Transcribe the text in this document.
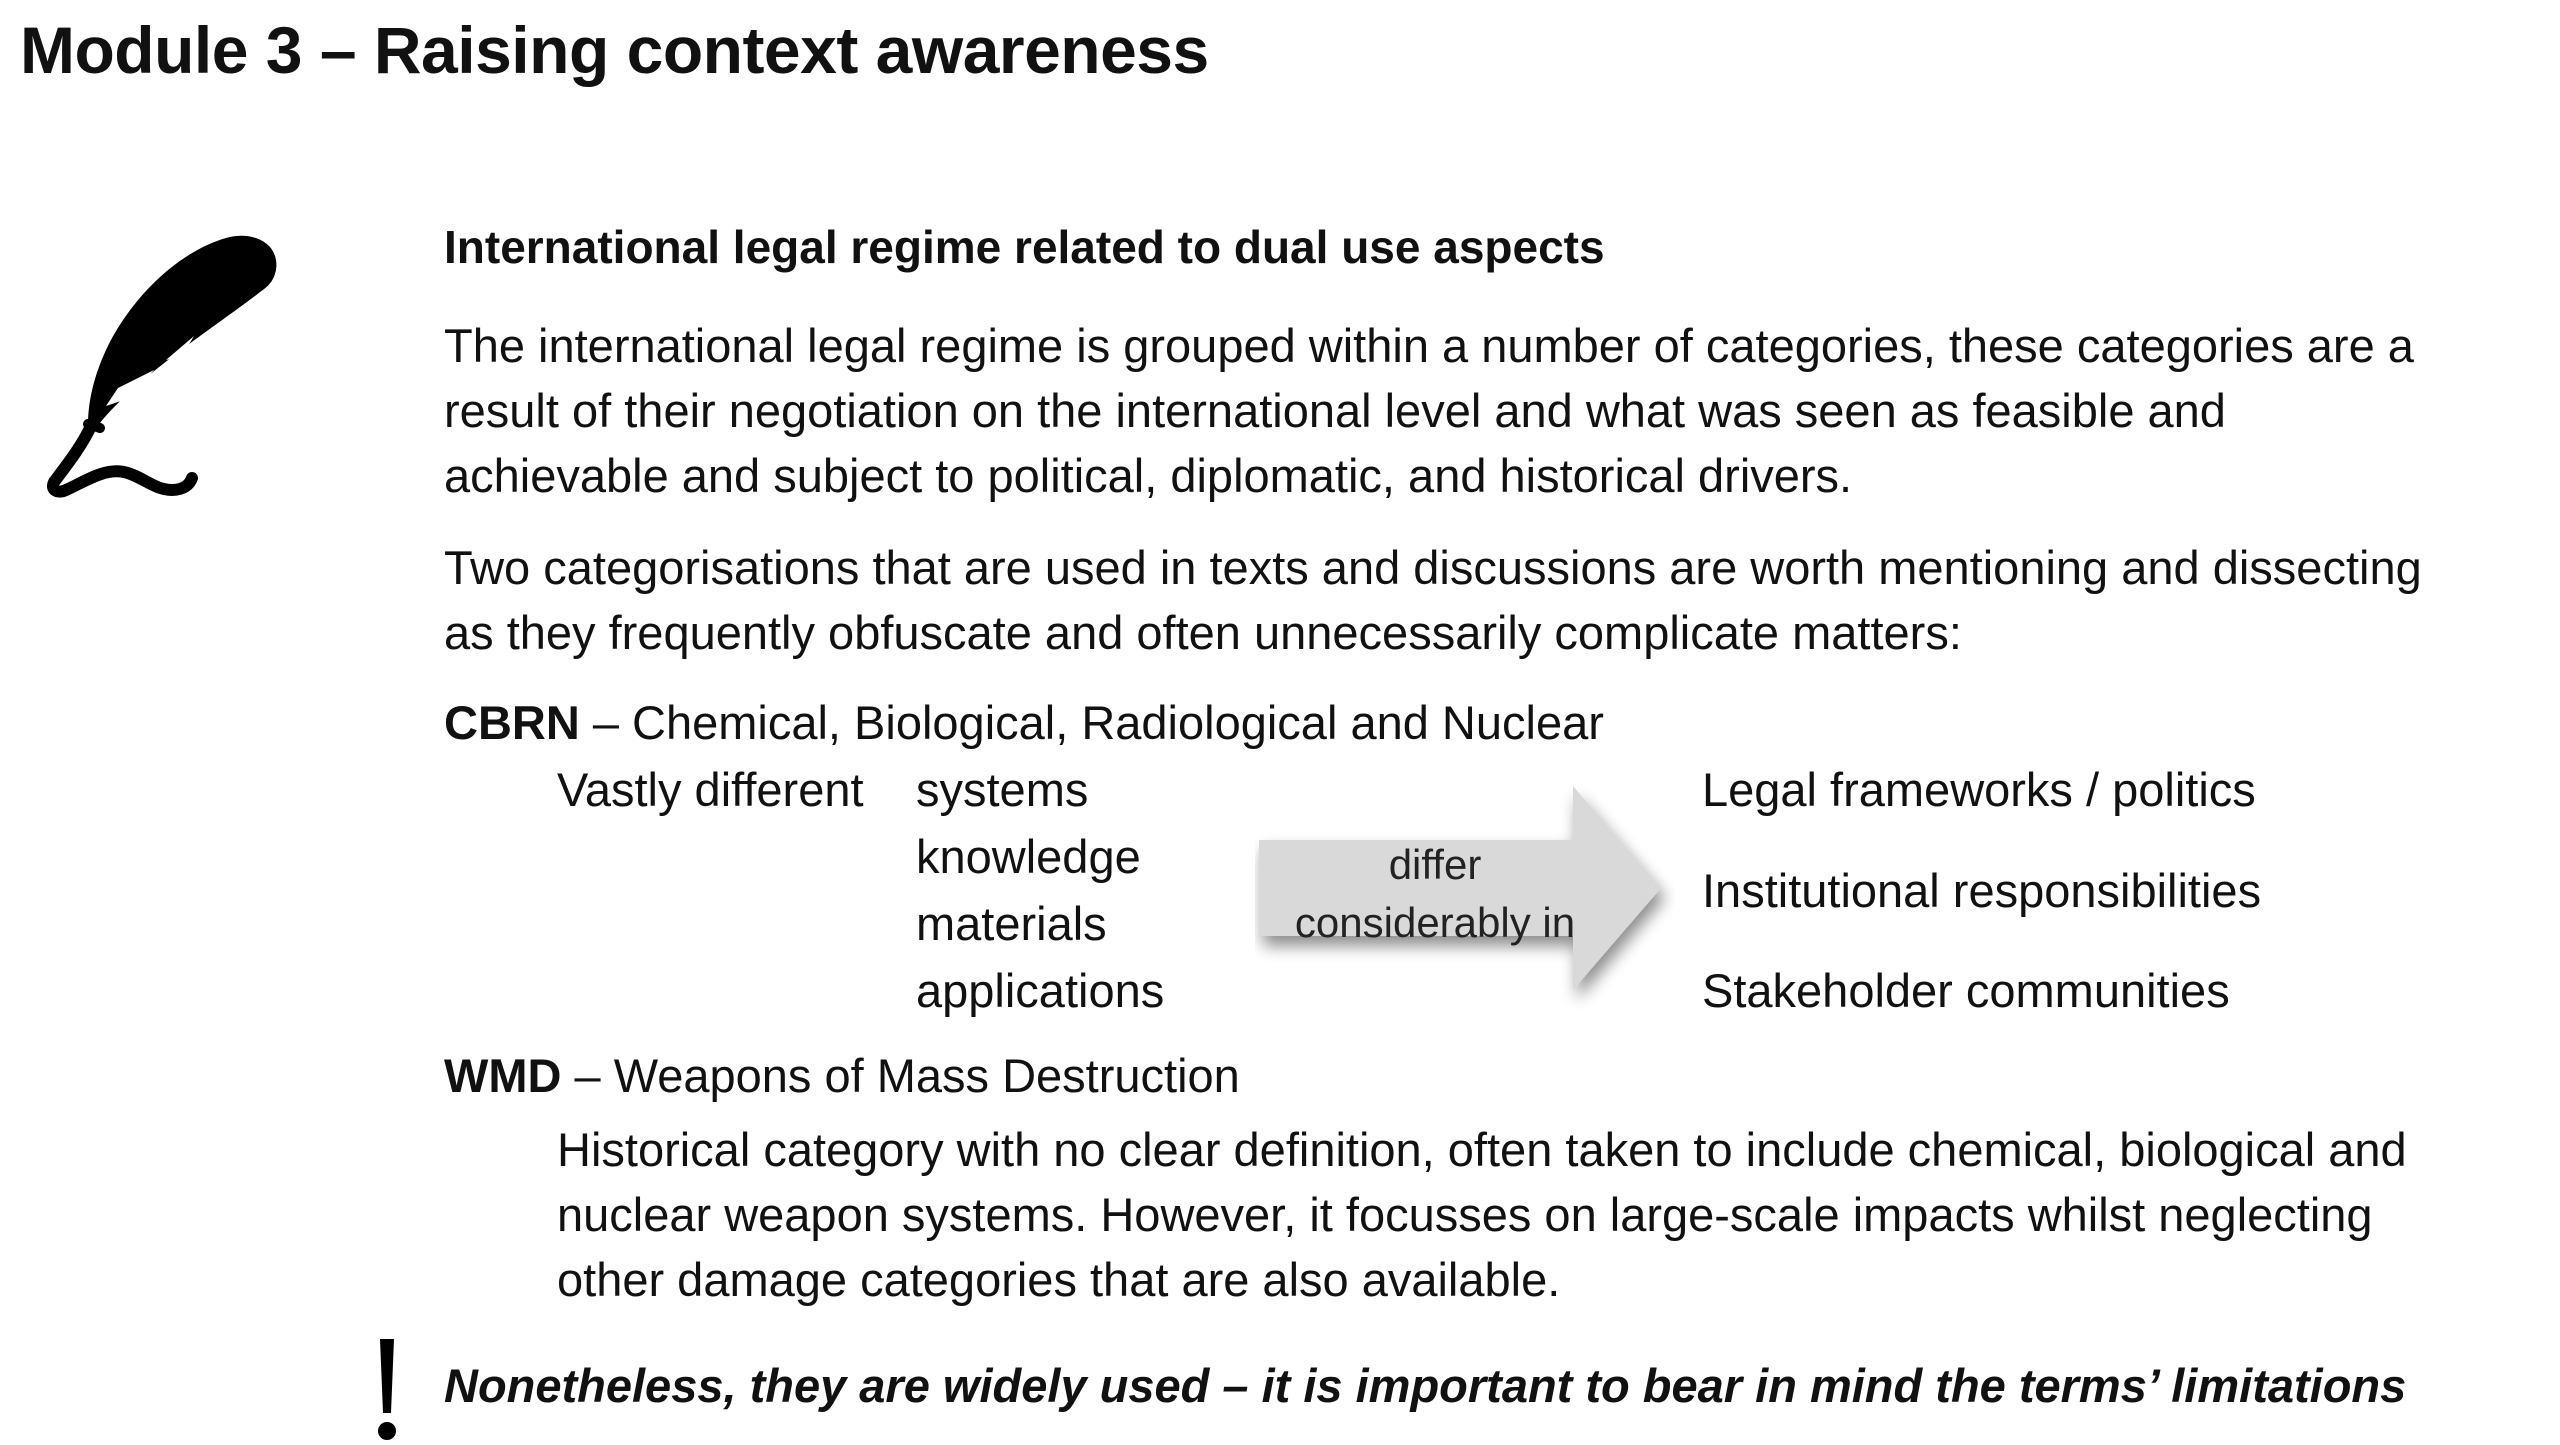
Module 3 – Raising context awareness
International legal regime related to dual use aspects
The international legal regime is grouped within a number of categories, these categories are a result of their negotiation on the international level and what was seen as feasible and achievable and subject to political, diplomatic, and historical drivers.
Two categorisations that are used in texts and discussions are worth mentioning and dissecting as they frequently obfuscate and often unnecessarily complicate matters:
CBRN – Chemical, Biological, Radiological and Nuclear
Vastly different systems
knowledge
materials
applications
differ
considerably in
Legal frameworks / politics
Institutional responsibilities
Stakeholder communities
WMD – Weapons of Mass Destruction
Historical category with no clear definition, often taken to include chemical, biological and nuclear weapon systems. However, it focusses on large-scale impacts whilst neglecting other damage categories that are also available.
Nonetheless, they are widely used – it is important to bear in mind the terms’ limitations
